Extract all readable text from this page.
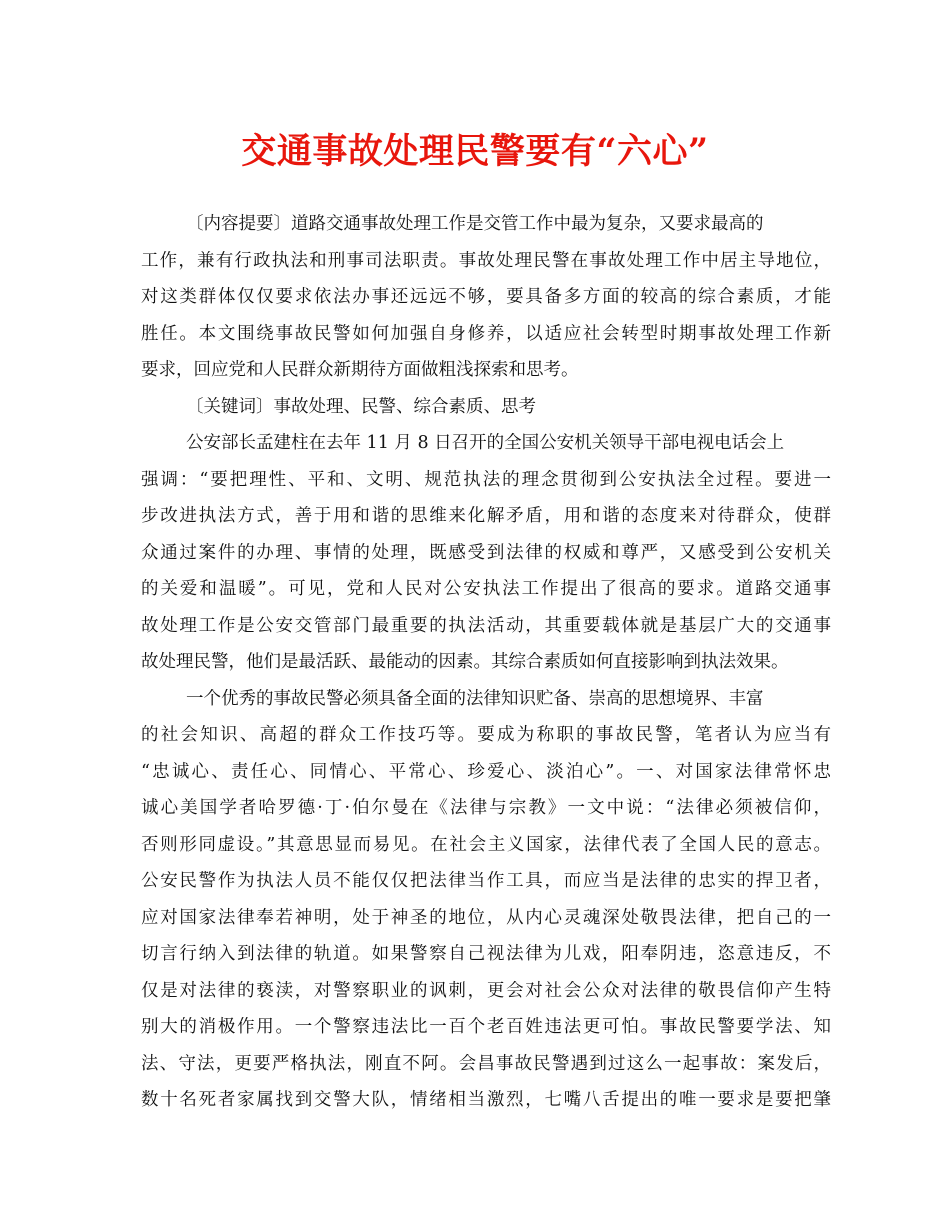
交通事故处理民警要有“六心”
〔内容提要〕道路交通事故处理工作是交管工作中最为复杂，又要求最高的
工作，兼有行政执法和刑事司法职责。事故处理民警在事故处理工作中居主导地位，
对这类群体仅仅要求依法办事还远远不够，要具备多方面的较高的综合素质，才能
胜任。本文围绕事故民警如何加强自身修养，以适应社会转型时期事故处理工作新
要求，回应党和人民群众新期待方面做粗浅探索和思考。
〔关键词〕事故处理、民警、综合素质、思考
公安部长孟建柱在去年 11 月 8 日召开的全国公安机关领导干部电视电话会上
强调：“要把理性、平和、文明、规范执法的理念贯彻到公安执法全过程。要进一
步改进执法方式，善于用和谐的思维来化解矛盾，用和谐的态度来对待群众，使群
众通过案件的办理、事情的处理，既感受到法律的权威和尊严，又感受到公安机关
的关爱和温暖”。可见，党和人民对公安执法工作提出了很高的要求。道路交通事
故处理工作是公安交管部门最重要的执法活动，其重要载体就是基层广大的交通事
故处理民警，他们是最活跃、最能动的因素。其综合素质如何直接影响到执法效果。
一个优秀的事故民警必须具备全面的法律知识贮备、崇高的思想境界、丰富
的社会知识、高超的群众工作技巧等。要成为称职的事故民警，笔者认为应当有
“忠诚心、责任心、同情心、平常心、珍爱心、淡泊心”。一、对国家法律常怀忠
诚心美国学者哈罗德·丁·伯尔曼在《法律与宗教》一文中说：“法律必须被信仰，
否则形同虚设。”其意思显而易见。在社会主义国家，法律代表了全国人民的意志。
公安民警作为执法人员不能仅仅把法律当作工具，而应当是法律的忠实的捍卫者，
应对国家法律奉若神明，处于神圣的地位，从内心灵魂深处敬畏法律，把自己的一
切言行纳入到法律的轨道。如果警察自己视法律为儿戏，阳奉阴违，恣意违反，不
仅是对法律的亵渎，对警察职业的讽刺，更会对社会公众对法律的敬畏信仰产生特
别大的消极作用。一个警察违法比一百个老百姓违法更可怕。事故民警要学法、知
法、守法，更要严格执法，刚直不阿。会昌事故民警遇到过这么一起事故：案发后，
数十名死者家属找到交警大队，情绪相当激烈，七嘴八舌提出的唯一要求是要把肇
